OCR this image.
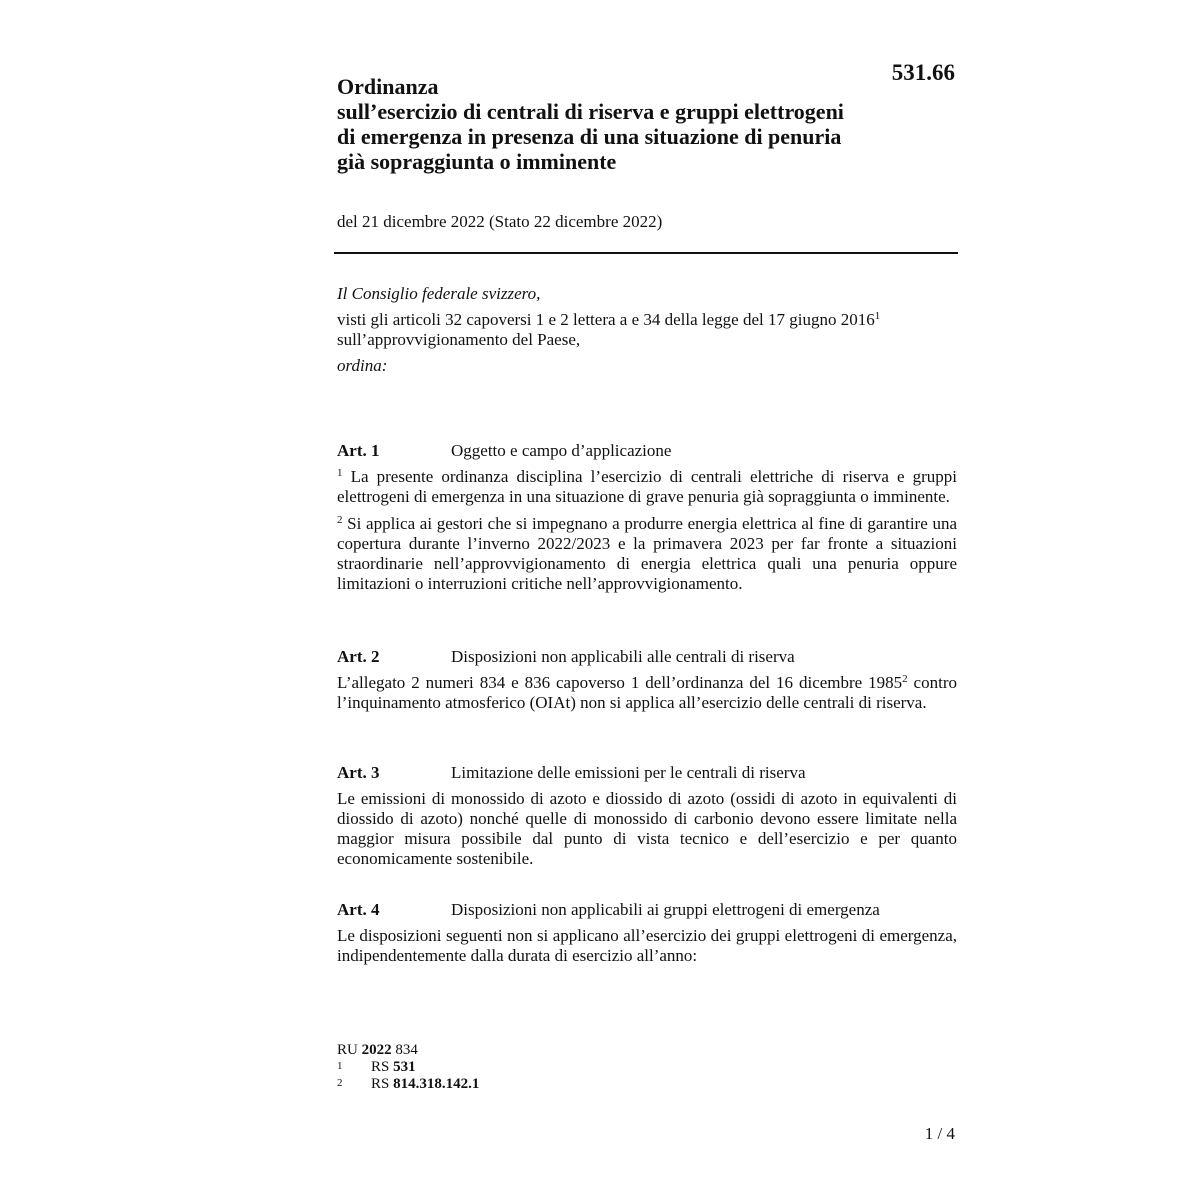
531.66
Ordinanza
sull’esercizio di centrali di riserva e gruppi elettrogeni
di emergenza in presenza di una situazione di penuria
già sopraggiunta o imminente
del 21 dicembre 2022 (Stato 22 dicembre 2022)
Il Consiglio federale svizzero,
visti gli articoli 32 capoversi 1 e 2 lettera a e 34 della legge del 17 giugno 2016$^1$
sull’approvvigionamento del Paese,
ordina:
Art. 1	Oggetto e campo d’applicazione
$^1$ La presente ordinanza disciplina l’esercizio di centrali elettriche di riserva e gruppi elettrogeni di emergenza in una situazione di grave penuria già sopraggiunta o imminente.
$^2$ Si applica ai gestori che si impegnano a produrre energia elettrica al fine di garantire una copertura durante l’inverno 2022/2023 e la primavera 2023 per far fronte a situazioni straordinarie nell’approvvigionamento di energia elettrica quali una penuria oppure limitazioni o interruzioni critiche nell’approvvigionamento.
Art. 2	Disposizioni non applicabili alle centrali di riserva
L’allegato 2 numeri 834 e 836 capoverso 1 dell’ordinanza del 16 dicembre 1985$^2$ contro l’inquinamento atmosferico (OIAt) non si applica all’esercizio delle centrali di riserva.
Art. 3	Limitazione delle emissioni per le centrali di riserva
Le emissioni di monossido di azoto e diossido di azoto (ossidi di azoto in equivalenti di diossido di azoto) nonché quelle di monossido di carbonio devono essere limitate nella maggior misura possibile dal punto di vista tecnico e dell’esercizio e per quanto economicamente sostenibile.
Art. 4	Disposizioni non applicabili ai gruppi elettrogeni di emergenza
Le disposizioni seguenti non si applicano all’esercizio dei gruppi elettrogeni di emergenza, indipendentemente dalla durata di esercizio all’anno:
RU 2022 834
1	RS 531
2	RS 814.318.142.1
1 / 4
